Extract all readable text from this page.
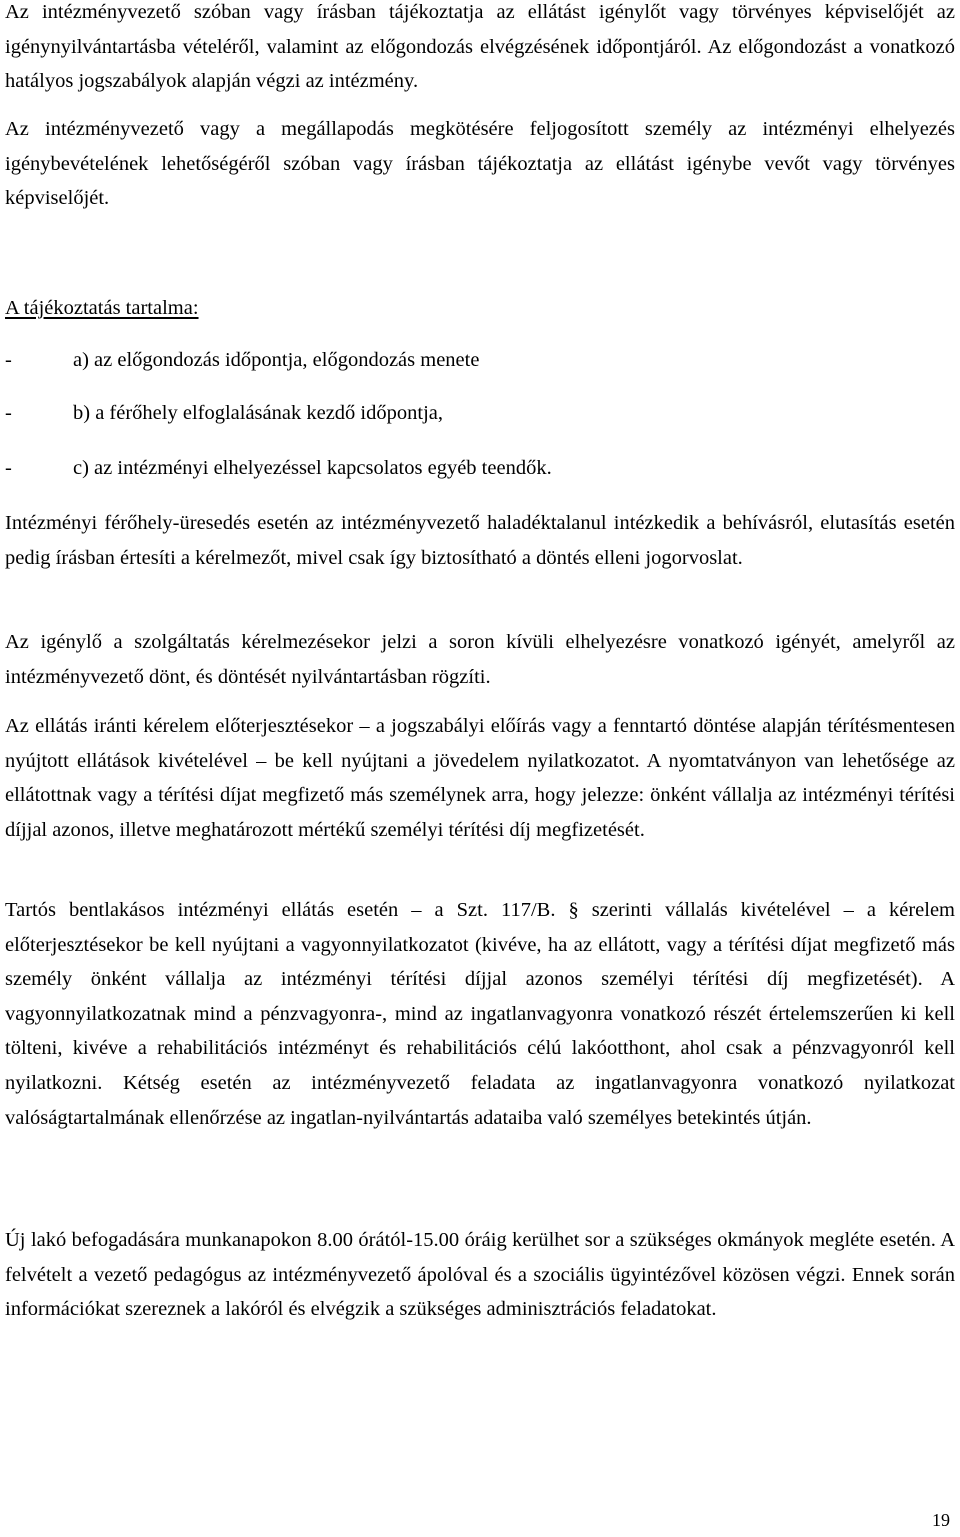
Az intézményvezető szóban vagy írásban tájékoztatja az ellátást igénylőt vagy törvényes képviselőjét az igénynyilvántartásba vételéről, valamint az előgondozás elvégzésének időpontjáról. Az előgondozást a vonatkozó hatályos jogszabályok alapján végzi az intézmény.

Az intézményvezető vagy a megállapodás megkötésére feljogosított személy az intézményi elhelyezés igénybevételének lehetőségéről szóban vagy írásban tájékoztatja az ellátást igénybe vevőt vagy törvényes képviselőjét.

A tájékoztatás tartalma:

-	a) az előgondozás időpontja, előgondozás menete
-	b) a férőhely elfoglalásának kezdő időpontja,
-	c) az intézményi elhelyezéssel kapcsolatos egyéb teendők.

Intézményi férőhely-üresedés esetén az intézményvezető haladéktalanul intézkedik a behívásról, elutasítás esetén pedig írásban értesíti a kérelmezőt, mivel csak így biztosítható a döntés elleni jogorvoslat.

Az igénylő a szolgáltatás kérelmezésekor jelzi a soron kívüli elhelyezésre vonatkozó igényét, amelyről az intézményvezető dönt, és döntését nyilvántartásban rögzíti.

Az ellátás iránti kérelem előterjesztésekor – a jogszabályi előírás vagy a fenntartó döntése alapján térítésmentesen nyújtott ellátások kivételével – be kell nyújtani a jövedelem nyilatkozatot. A nyomtatványon van lehetősége az ellátottnak vagy a térítési díjat megfizető más személynek arra, hogy jelezze: önként vállalja az intézményi térítési díjjal azonos, illetve meghatározott mértékű személyi térítési díj megfizetését.

Tartós bentlakásos intézményi ellátás esetén – a Szt. 117/B. § szerinti vállalás kivételével – a kérelem előterjesztésekor be kell nyújtani a vagyonnyilatkozatot (kivéve, ha az ellátott, vagy a térítési díjat megfizető más személy önként vállalja az intézményi térítési díjjal azonos személyi térítési díj megfizetését). A vagyonnyilatkozatnak mind a pénzvagyonra-, mind az ingatlanvagyonra vonatkozó részét értelemszerűen ki kell tölteni, kivéve a rehabilitációs intézményt és rehabilitációs célú lakóotthont, ahol csak a pénzvagyonról kell nyilatkozni. Kétség esetén az intézményvezető feladata az ingatlanvagyonra vonatkozó nyilatkozat valóságtartalmának ellenőrzése az ingatlan-nyilvántartás adataiba való személyes betekintés útján.

Új lakó befogadására munkanapokon 8.00 órától-15.00 óráig kerülhet sor a szükséges okmányok megléte esetén. A felvételt a vezető pedagógus az intézményvezető ápolóval és a szociális ügyintézővel közösen végzi. Ennek során információkat szereznek a lakóról és elvégzik a szükséges adminisztrációs feladatokat.

19
